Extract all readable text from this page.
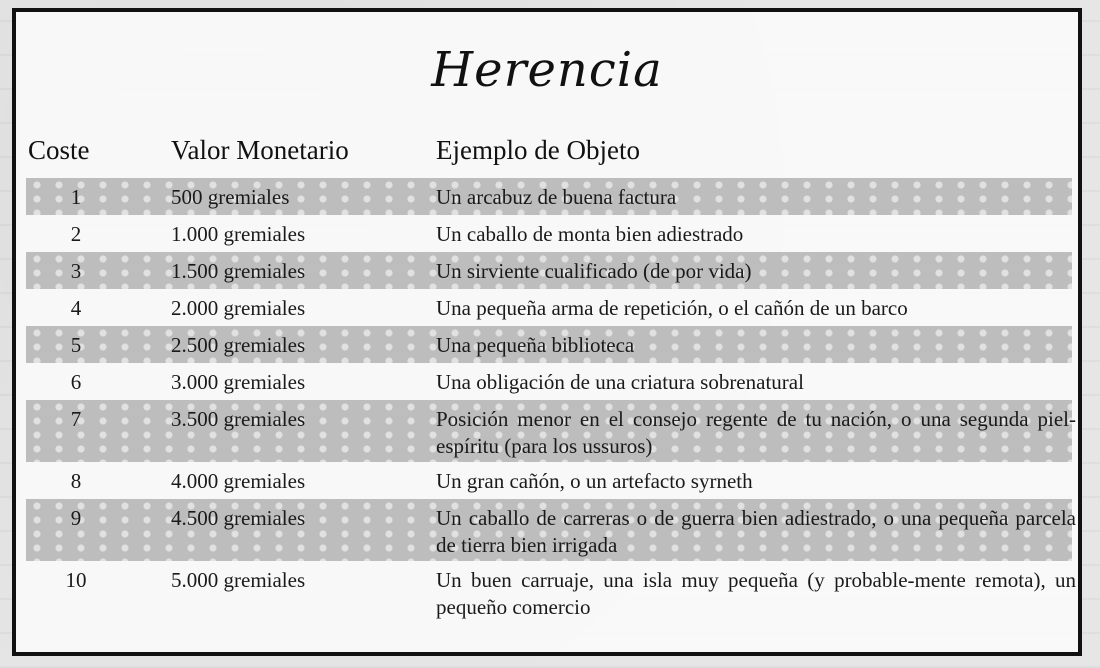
Herencia
Coste	Valor Monetario	Ejemplo de Objeto
1	500 gremiales	Un arcabuz de buena factura
2	1.000 gremiales	Un caballo de monta bien adiestrado
3	1.500 gremiales	Un sirviente cualificado (de por vida)
4	2.000 gremiales	Una pequeña arma de repetición, o el cañón de un barco
5	2.500 gremiales	Una pequeña biblioteca
6	3.000 gremiales	Una obligación de una criatura sobrenatural
7	3.500 gremiales	Posición menor en el consejo regente de tu nación, o una segunda piel-espíritu (para los ussuros)
8	4.000 gremiales	Un gran cañón, o un artefacto syrneth
9	4.500 gremiales	Un caballo de carreras o de guerra bien adiestrado, o una pequeña parcela de tierra bien irrigada
10	5.000 gremiales	Un buen carruaje, una isla muy pequeña (y probable-mente remota), un pequeño comercio
